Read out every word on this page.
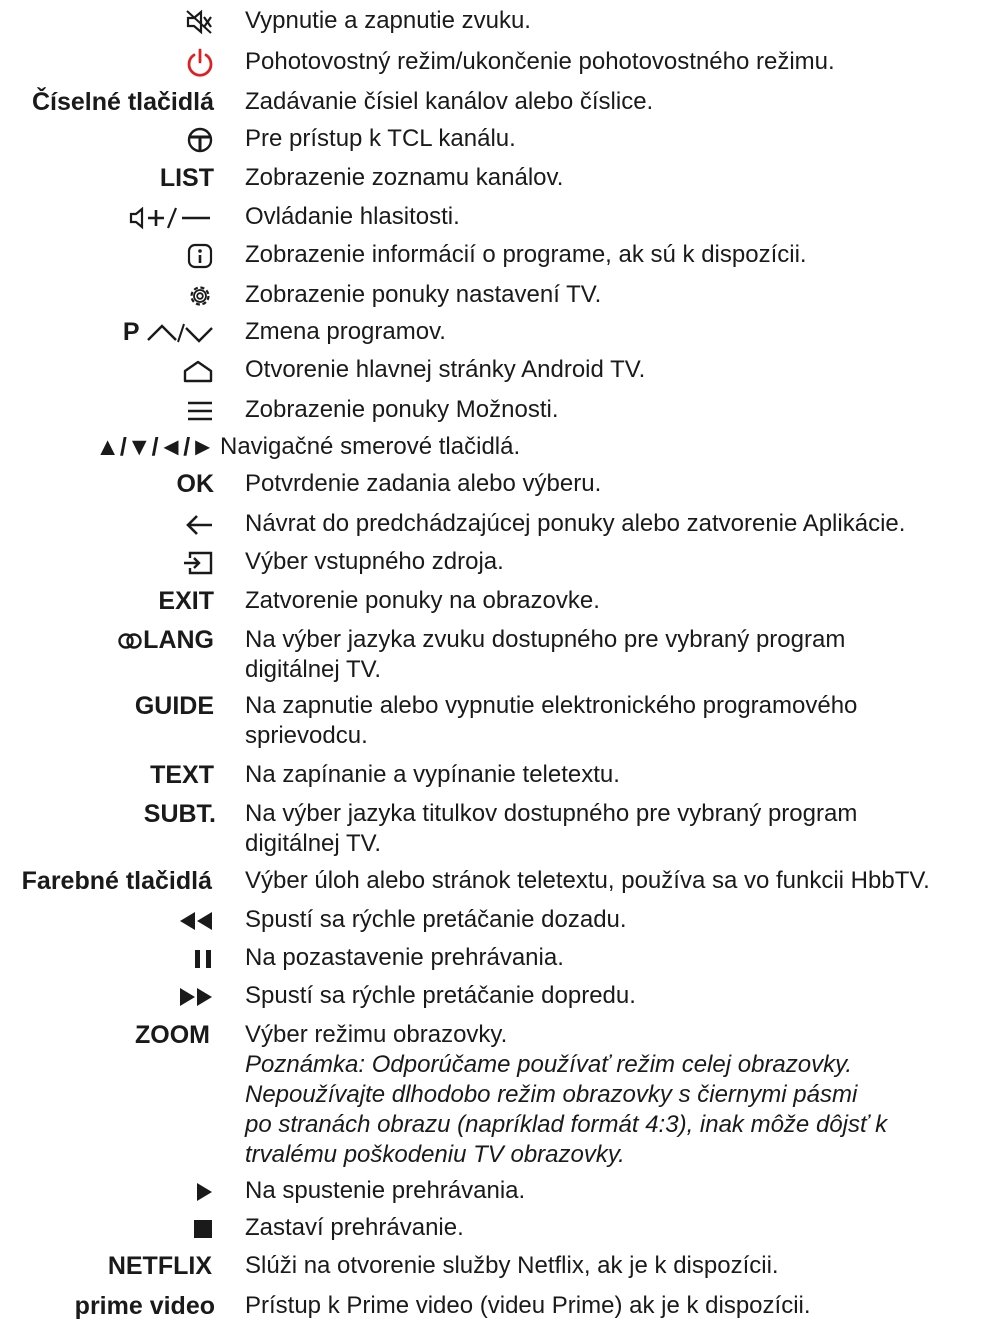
Vypnutie a zapnutie zvuku.
Pohotovostný režim/ukončenie pohotovostného režimu.
Číselné tlačidlá Zadávanie čísiel kanálov alebo číslice.
Pre prístup k TCL kanálu.
LIST Zobrazenie zoznamu kanálov.
Ovládanie hlasitosti.
Zobrazenie informácií o programe, ak sú k dispozícii.
Zobrazenie ponuky nastavení TV.
P	Zmena programov.
Otvorenie hlavnej stránky Android TV.
Zobrazenie ponuky Možnosti.
▲/▼/◄/► Navigačné smerové tlačidlá.
OK Potvrdenie zadania alebo výberu.
Návrat do predchádzajúcej ponuky alebo zatvorenie Aplikácie.
Výber vstupného zdroja.
EXIT Zatvorenie ponuky na obrazovke.
LANG Na výber jazyka zvuku dostupného pre vybraný program
digitálnej TV.
GUIDE Na zapnutie alebo vypnutie elektronického programového
sprievodcu.
TEXT Na zapínanie a vypínanie teletextu.
SUBT. Na výber jazyka titulkov dostupného pre vybraný program
digitálnej TV.
Farebné tlačidlá Výber úloh alebo stránok teletextu, používa sa vo funkcii HbbTV.
Spustí sa rýchle pretáčanie dozadu.
Na pozastavenie prehrávania.
Spustí sa rýchle pretáčanie dopredu.
ZOOM Výber režimu obrazovky.
Poznámka: Odporúčame používať režim celej obrazovky.
Nepoužívajte dlhodobo režim obrazovky s čiernymi pásmi
po stranách obrazu (napríklad formát 4:3), inak môže dôjsť k
trvalému poškodeniu TV obrazovky.
Na spustenie prehrávania.
Zastaví prehrávanie.
NETFLIX Slúži na otvorenie služby Netflix, ak je k dispozícii.
prime video Prístup k Prime video (videu Prime) ak je k dispozícii.
